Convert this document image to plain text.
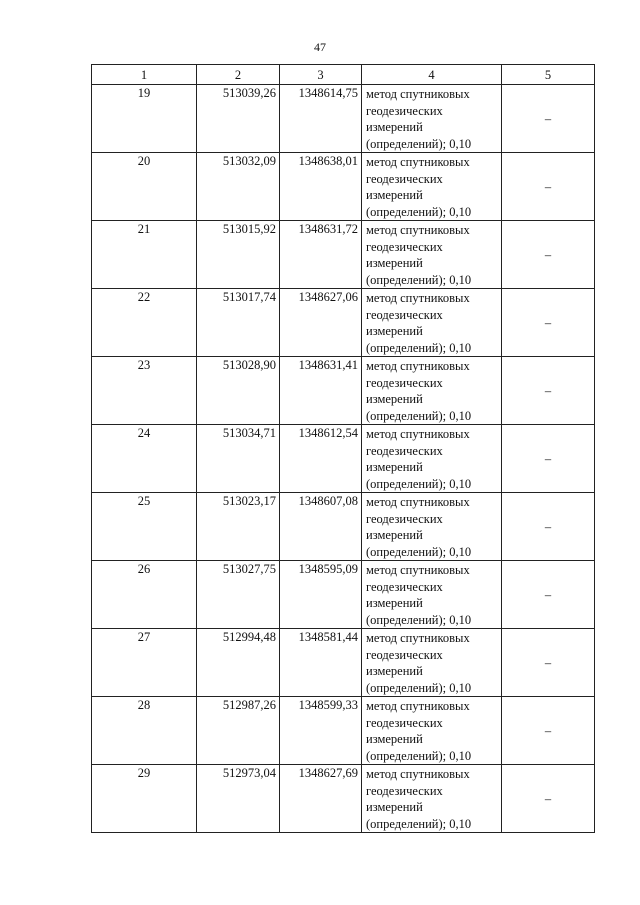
47
1	2	3	4	5
19	513039,26	1348614,75	метод спутниковых
геодезических
измерений
(определений); 0,10	–
20	513032,09	1348638,01	метод спутниковых
геодезических
измерений
(определений); 0,10	–
21	513015,92	1348631,72	метод спутниковых
геодезических
измерений
(определений); 0,10	–
22	513017,74	1348627,06	метод спутниковых
геодезических
измерений
(определений); 0,10	–
23	513028,90	1348631,41	метод спутниковых
геодезических
измерений
(определений); 0,10	–
24	513034,71	1348612,54	метод спутниковых
геодезических
измерений
(определений); 0,10	–
25	513023,17	1348607,08	метод спутниковых
геодезических
измерений
(определений); 0,10	–
26	513027,75	1348595,09	метод спутниковых
геодезических
измерений
(определений); 0,10	–
27	512994,48	1348581,44	метод спутниковых
геодезических
измерений
(определений); 0,10	–
28	512987,26	1348599,33	метод спутниковых
геодезических
измерений
(определений); 0,10	–
29	512973,04	1348627,69	метод спутниковых
геодезических
измерений
(определений); 0,10	–
